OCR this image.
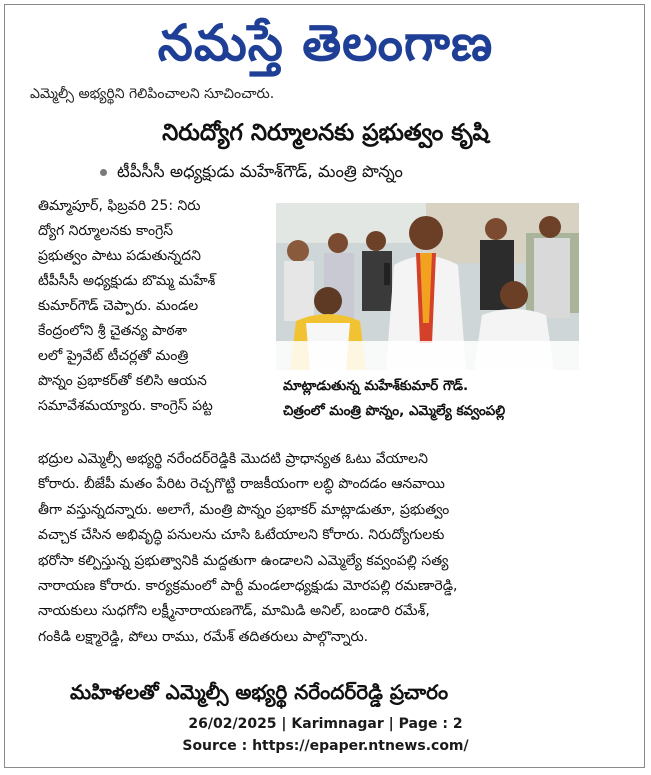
నమస్తే తెలంగాణ
ఎమ్మెల్సీ అభ్యర్థిని గెలిపించాలని సూచించారు.
నిరుద్యోగ నిర్మూలనకు ప్రభుత్వం కృషి
టీపీసీసీ అధ్యక్షుడు మహేశ్‌గౌడ్, మంత్రి పొన్నం
తిమ్మాపూర్, ఫిబ్రవరి 25: నిరు
ద్యోగ నిర్మూలనకు కాంగ్రెస్
ప్రభుత్వం పాటు పడుతున్నదని
టీపీసీసీ అధ్యక్షుడు బొమ్మ మహేశ్
కుమార్‌గౌడ్ చెప్పారు. మండల
కేంద్రంలోని శ్రీ చైతన్య పాఠశా
లలో ప్రైవేట్ టీచర్లతో మంత్రి
పొన్నం ప్రభాకర్‌తో కలిసి ఆయన
సమావేశమయ్యారు. కాంగ్రెస్ పట్ట
మాట్లాడుతున్న మహేశ్‌కుమార్ గౌడ్.
చిత్రంలో మంత్రి పొన్నం, ఎమ్మెల్యే కవ్వంపల్లి
భద్రుల ఎమ్మెల్సీ అభ్యర్థి నరేందర్‌రెడ్డికి మొదటి ప్రాధాన్యత ఓటు వేయాలని
కోరారు. బీజేపీ మతం పేరిట రెచ్చగొట్టి రాజకీయంగా లబ్ధి పొందడం ఆనవాయి
తీగా వస్తున్నదన్నారు. అలాగే, మంత్రి పొన్నం ప్రభాకర్ మాట్లాడుతూ, ప్రభుత్వం
వచ్చాక చేసిన అభివృద్ధి పనులను చూసి ఓటేయాలని కోరారు. నిరుద్యోగులకు
భరోసా కల్పిస్తున్న ప్రభుత్వానికి మద్దతుగా ఉండాలని ఎమ్మెల్యే కవ్వంపల్లి సత్య
నారాయణ కోరారు. కార్యక్రమంలో పార్టీ మండలాధ్యక్షుడు మోరపల్లి రమణారెడ్డి,
నాయకులు సుధగోని లక్ష్మీనారాయణగౌడ్, మామిడి అనిల్, బండారి రమేశ్,
గంకిడి లక్ష్మారెడ్డి, పోలు రాము, రమేశ్ తదితరులు పాల్గొన్నారు.
మహిళలతో ఎమ్మెల్సీ అభ్యర్థి నరేందర్‌రెడ్డి ప్రచారం
26/02/2025 | Karimnagar | Page : 2
Source : https://epaper.ntnews.com/
